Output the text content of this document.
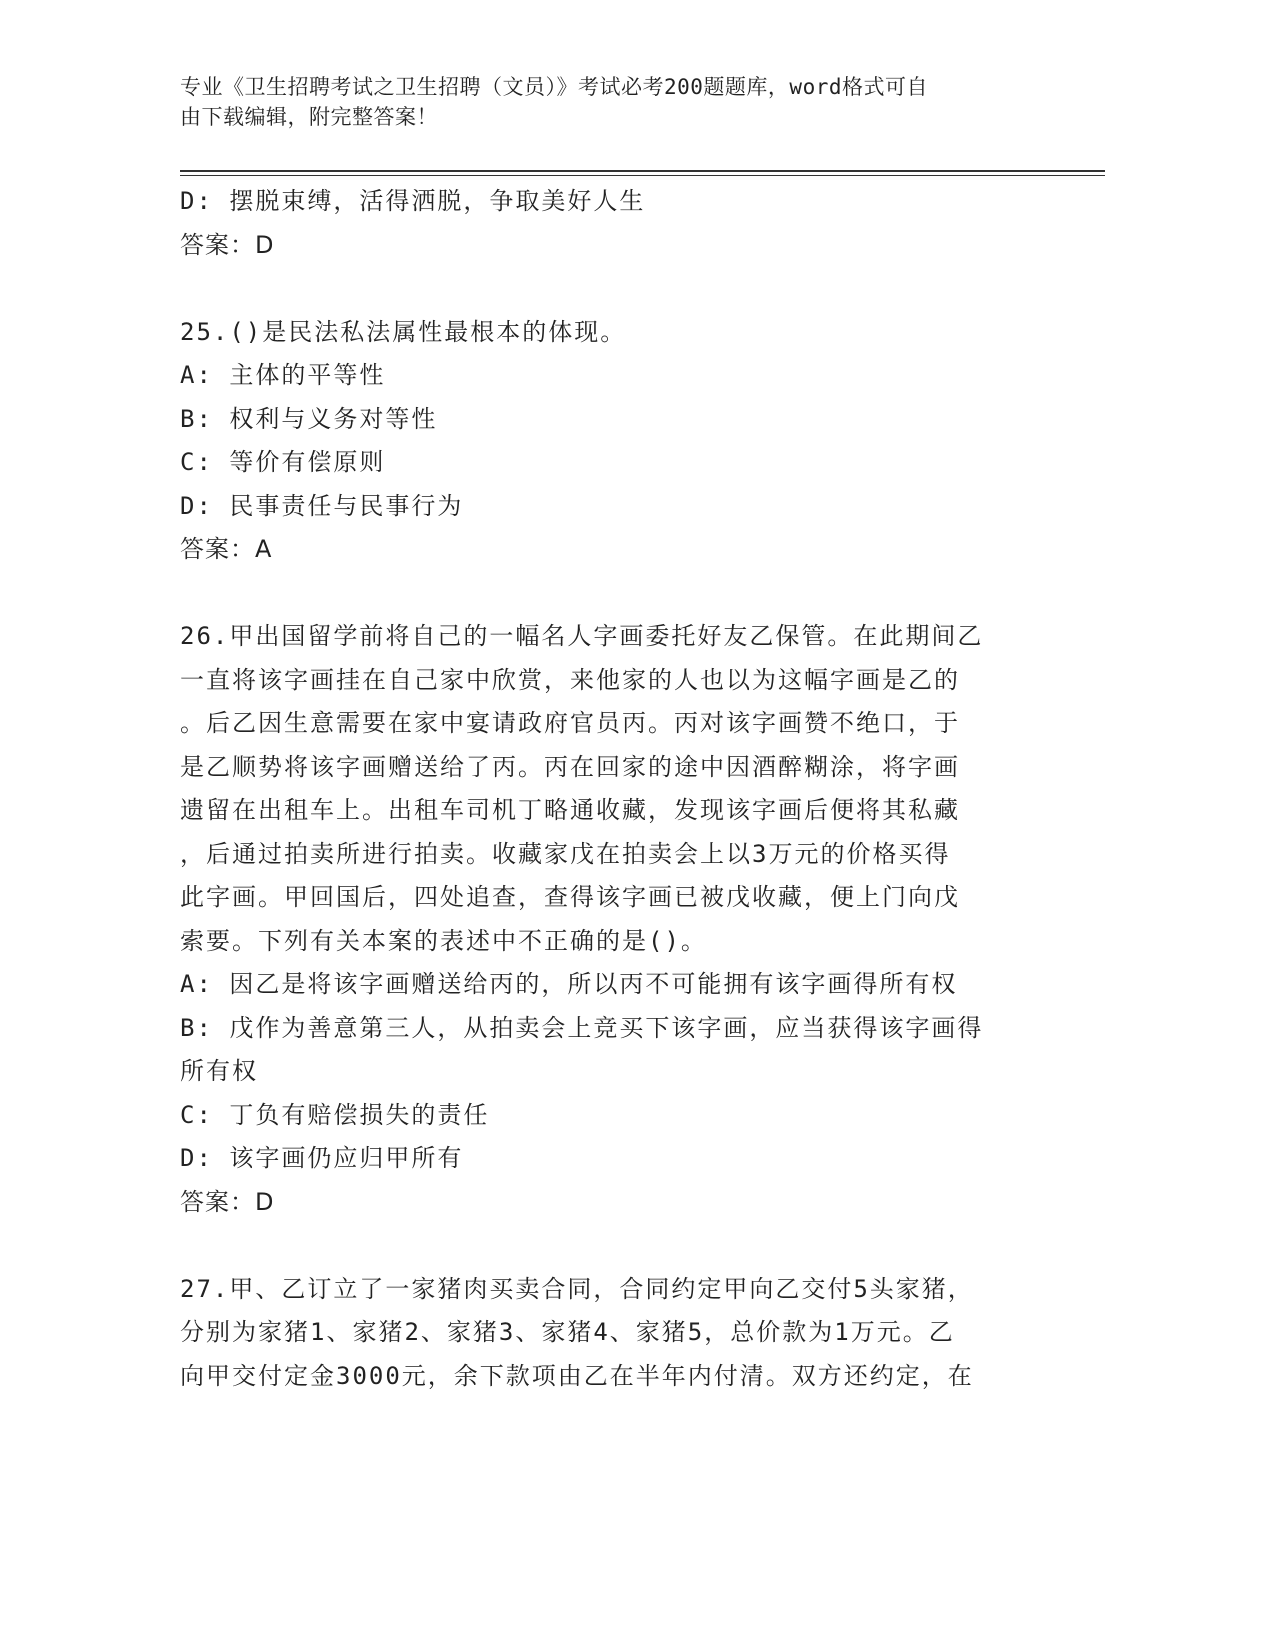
专业《卫生招聘考试之卫生招聘（文员）》考试必考200题题库，word格式可自
由下载编辑，附完整答案！
D: 摆脱束缚，活得洒脱，争取美好人生
答案：D
25.()是民法私法属性最根本的体现。
A: 主体的平等性
B: 权利与义务对等性
C: 等价有偿原则
D: 民事责任与民事行为
答案：A
26.甲出国留学前将自己的一幅名人字画委托好友乙保管。在此期间乙
一直将该字画挂在自己家中欣赏，来他家的人也以为这幅字画是乙的
。后乙因生意需要在家中宴请政府官员丙。丙对该字画赞不绝口，于
是乙顺势将该字画赠送给了丙。丙在回家的途中因酒醉糊涂，将字画
遗留在出租车上。出租车司机丁略通收藏，发现该字画后便将其私藏
，后通过拍卖所进行拍卖。收藏家戊在拍卖会上以3万元的价格买得
此字画。甲回国后，四处追查，查得该字画已被戊收藏，便上门向戊
索要。下列有关本案的表述中不正确的是()。
A: 因乙是将该字画赠送给丙的，所以丙不可能拥有该字画得所有权
B: 戊作为善意第三人，从拍卖会上竞买下该字画，应当获得该字画得
所有权
C: 丁负有赔偿损失的责任
D: 该字画仍应归甲所有
答案：D
27.甲、乙订立了一家猪肉买卖合同，合同约定甲向乙交付5头家猪，
分别为家猪1、家猪2、家猪3、家猪4、家猪5，总价款为1万元。乙
向甲交付定金3000元，余下款项由乙在半年内付清。双方还约定，在
